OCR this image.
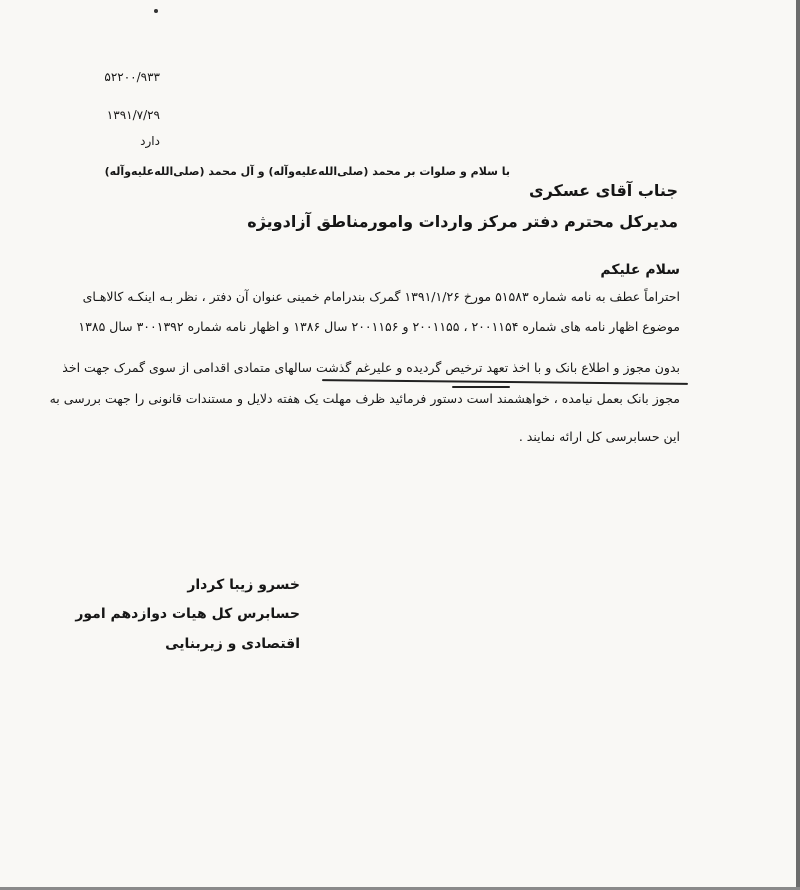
۵۲۲۰۰/۹۳۳
۱۳۹۱/۷/۲۹
دارد
با سلام و صلوات بر محمد (صلی‌الله‌علیه‌وآله) و آل محمد (صلی‌الله‌علیه‌وآله)
جناب آقای عسکری
مدیرکل محترم دفتر مرکز واردات وامورمناطق آزادویژه
سلام علیکم
احتراماً عطف به نامه شماره ۵۱۵۸۳ مورخ ۱۳۹۱/۱/۲۶ گمرک بندرامام خمینی عنوان آن دفتر ، نظر بـه اینکـه کالاهـای
موضوع اظهار نامه های شماره ۲۰۰۱۱۵۴ ، ۲۰۰۱۱۵۵ و ۲۰۰۱۱۵۶ سال ۱۳۸۶ و اظهار نامه شماره ۳۰۰۱۳۹۲ سال ۱۳۸۵
بدون مجوز و اطلاع بانک و با اخذ تعهد ترخیص گردیده و علیرغم گذشت سالهای متمادی اقدامی از سوی گمرک جهت اخذ
مجوز بانک بعمل نیامده ، خواهشمند است دستور فرمائید ظرف مهلت یک هفته دلایل و مستندات قانونی را جهت بررسی به
این حسابرسی کل ارائه نمایند .
خسرو زیبا کردار
حسابرس کل هیات دوازدهم امور
اقتصادی و زیربنایی
